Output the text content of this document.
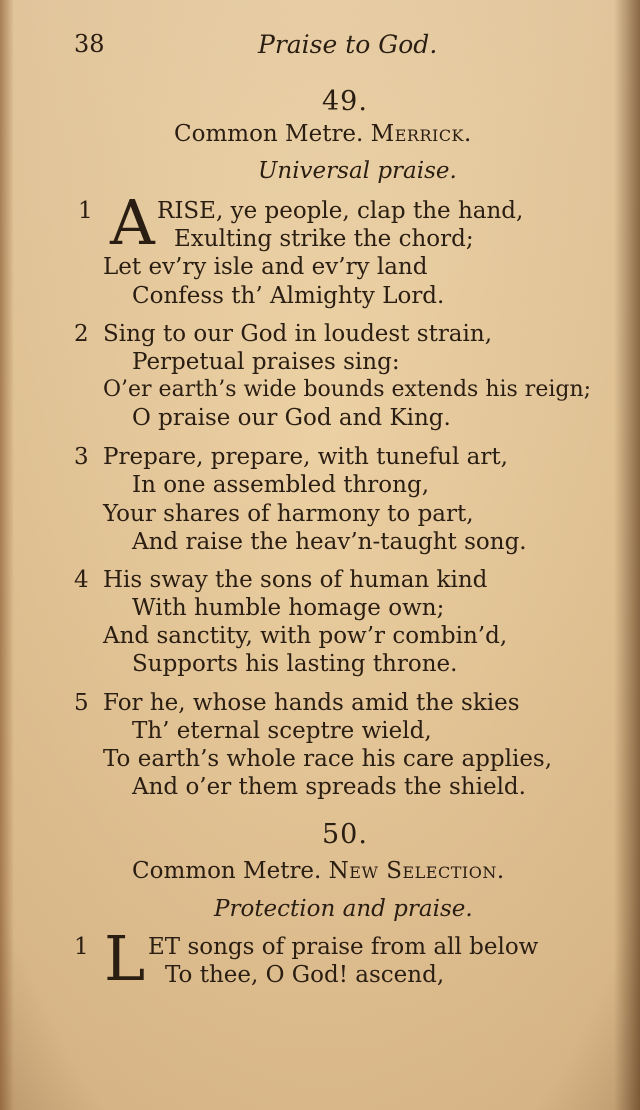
38	Praise to God.
49.
Common Metre. Merrick.
Universal praise.
1 A RISE, ye people, clap the hand,
Exulting strike the chord;
Let ev’ry isle and ev’ry land
Confess th’ Almighty Lord.
2 Sing to our God in loudest strain,
Perpetual praises sing:
O’er earth’s wide bounds extends his reign;
O praise our God and King.
3 Prepare, prepare, with tuneful art,
In one assembled throng,
Your shares of harmony to part,
And raise the heav’n-taught song.
4 His sway the sons of human kind
With humble homage own;
And sanctity, with pow’r combin’d,
Supports his lasting throne.
5 For he, whose hands amid the skies
Th’ eternal sceptre wield,
To earth’s whole race his care applies,
And o’er them spreads the shield.
50.
Common Metre. New Selection.
Protection and praise.
1 L ET songs of praise from all below
To thee, O God! ascend,
